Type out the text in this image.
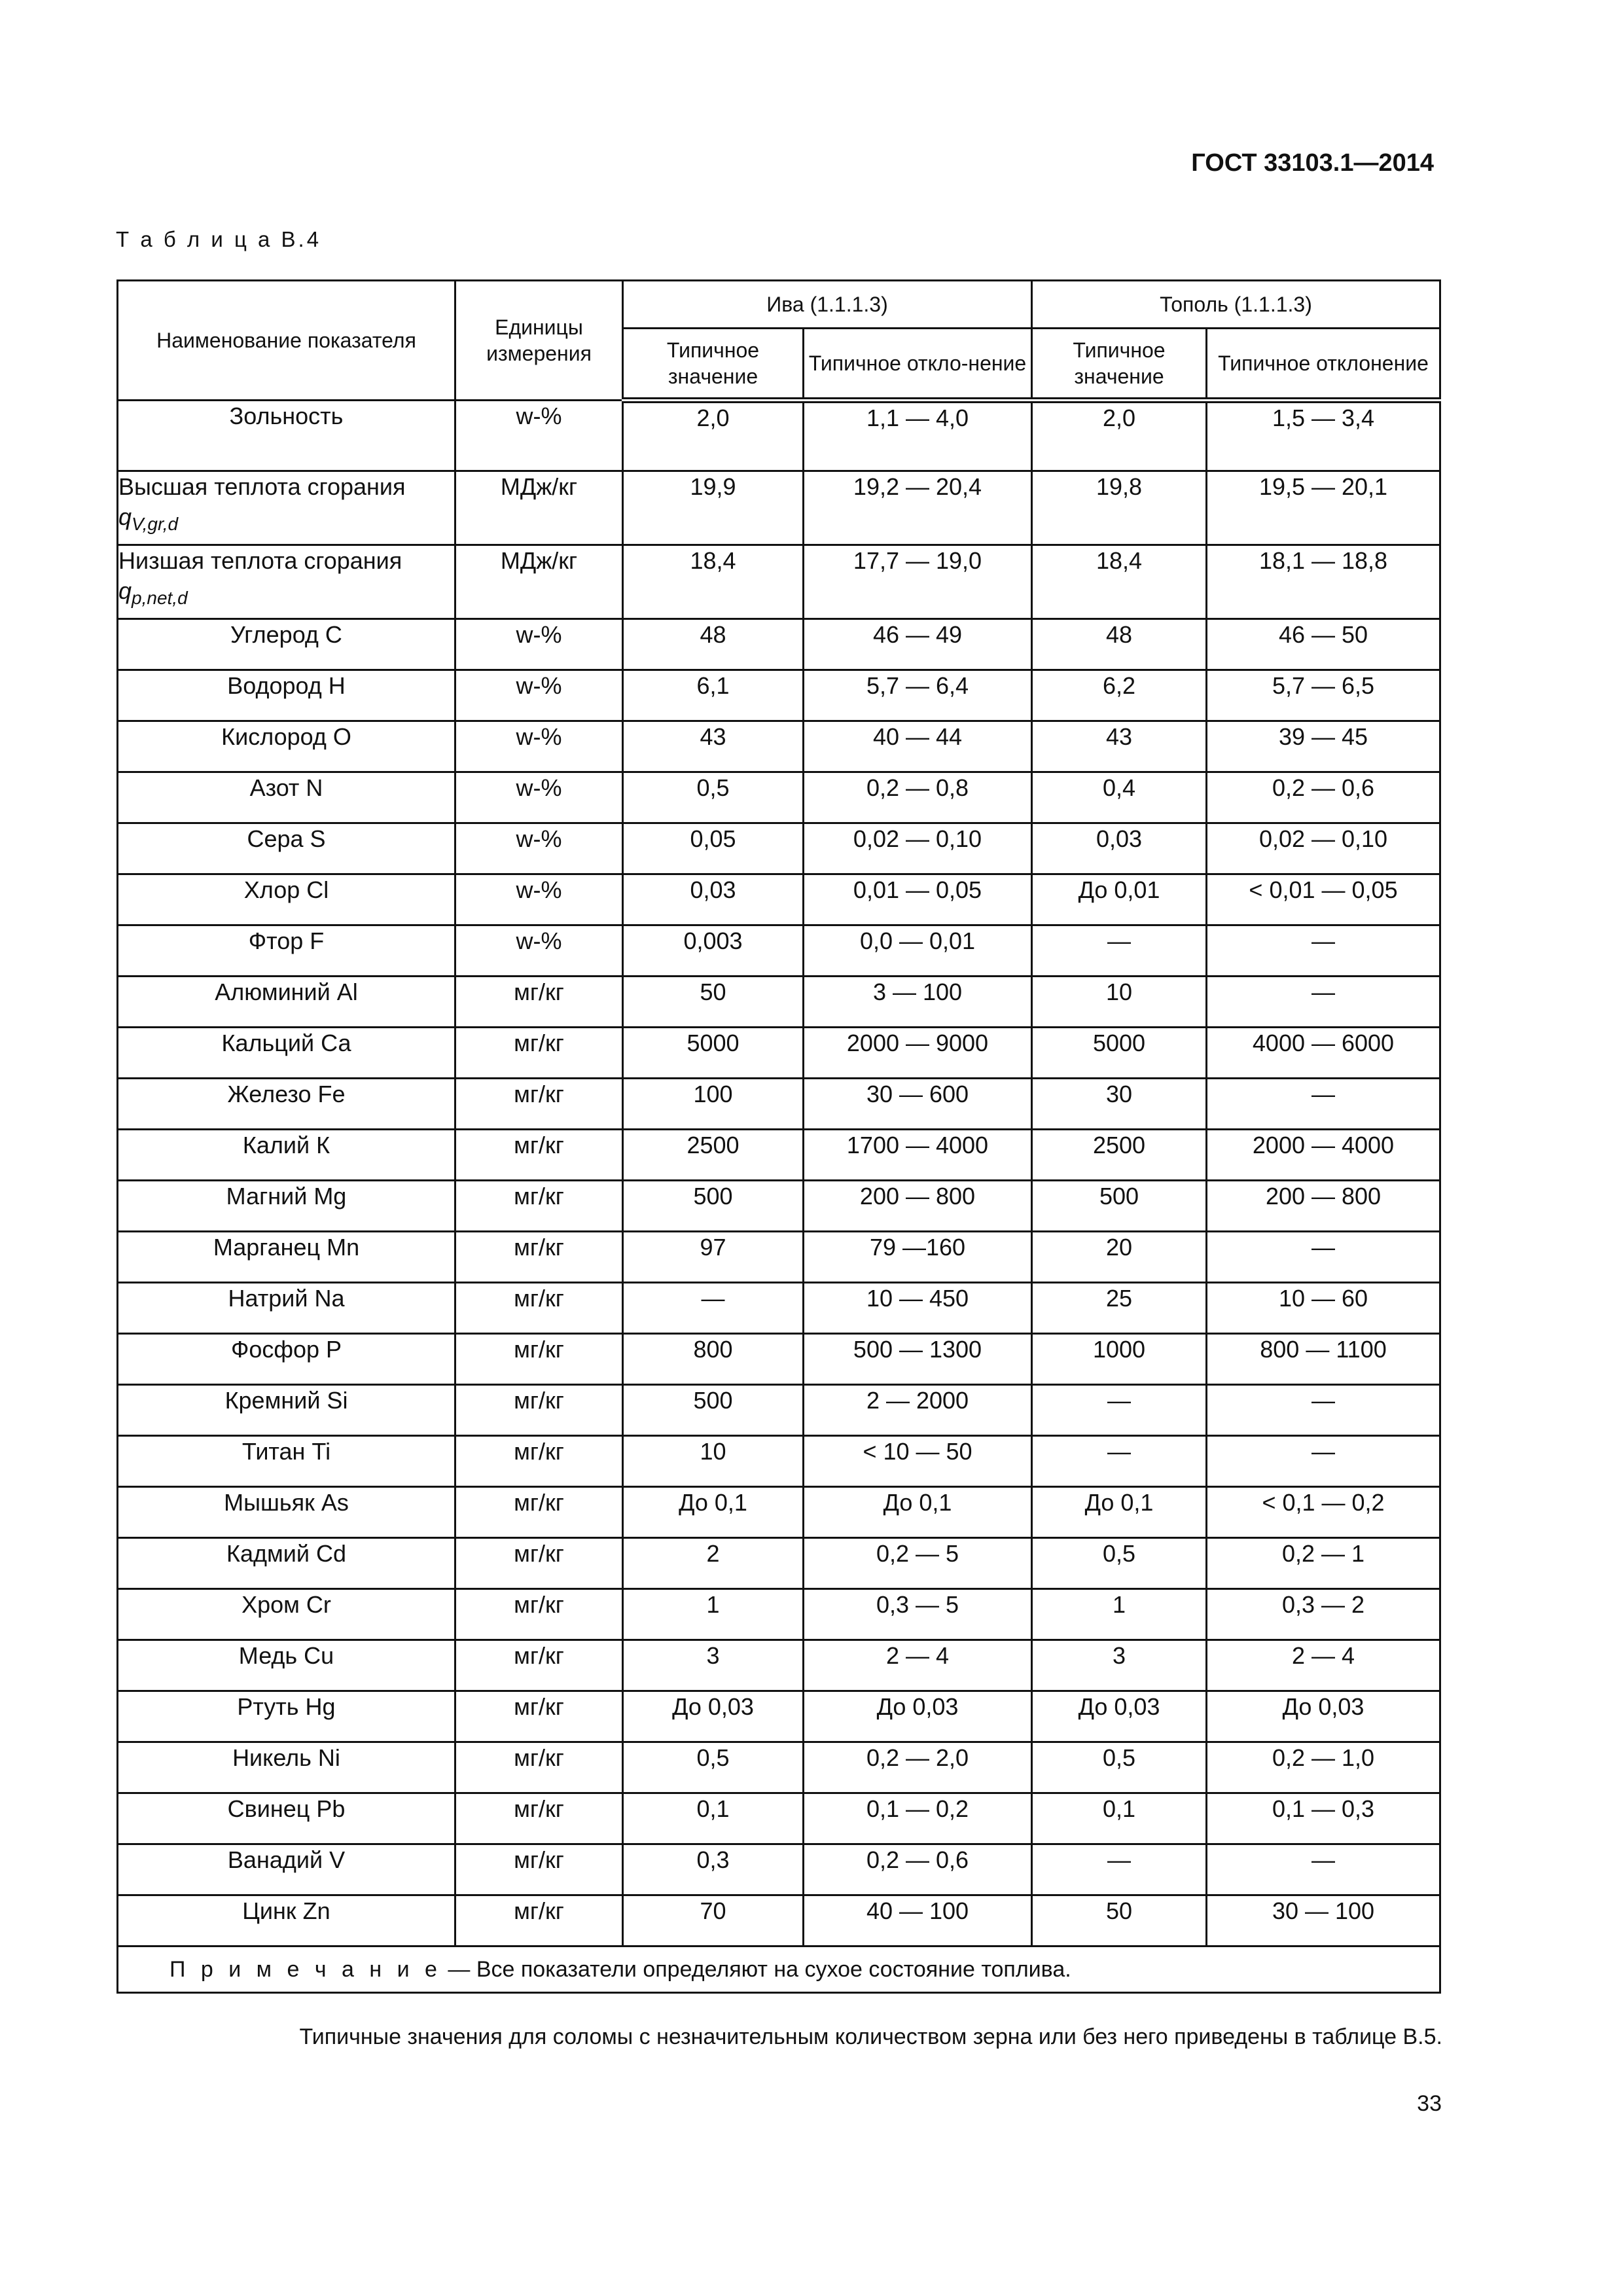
ГОСТ 33103.1—2014
Т а б л и ц а В.4
Наименование показателя	Единицы измерения	Ива (1.1.1.3)		Тополь (1.1.1.3)	
		Типичное значение	Типичное откло-нение	Типичное значение	Типичное отклонение
Зольность	w-%	2,0	1,1 — 4,0	2,0	1,5 — 3,4
Высшая теплота сгорания
$q_{V,gr,d}$	МДж/кг	19,9	19,2 — 20,4	19,8	19,5 — 20,1
Низшая теплота сгорания
$q_{p,net,d}$	МДж/кг	18,4	17,7 — 19,0	18,4	18,1 — 18,8
Углерод С	w-%	48	46 — 49	48	46 — 50
Водород Н	w-%	6,1	5,7 — 6,4	6,2	5,7 — 6,5
Кислород О	w-%	43	40 — 44	43	39 — 45
Азот N	w-%	0,5	0,2 — 0,8	0,4	0,2 — 0,6
Сера S	w-%	0,05	0,02 — 0,10	0,03	0,02 — 0,10
Хлор Cl	w-%	0,03	0,01 — 0,05	До 0,01	< 0,01 — 0,05
Фтор F	w-%	0,003	0,0 — 0,01	—	—
Алюминий Al	мг/кг	50	3 — 100	10	—
Кальций Са	мг/кг	5000	2000 — 9000	5000	4000 — 6000
Железо Fe	мг/кг	100	30 — 600	30	—
Калий К	мг/кг	2500	1700 — 4000	2500	2000 — 4000
Магний Mg	мг/кг	500	200 — 800	500	200 — 800
Марганец Mn	мг/кг	97	79 —160	20	—
Натрий Na	мг/кг	—	10 — 450	25	10 — 60
Фосфор Р	мг/кг	800	500 — 1300	1000	800 — 1100
Кремний Si	мг/кг	500	2 — 2000	—	—
Титан Ti	мг/кг	10	< 10 — 50	—	—
Мышьяк As	мг/кг	До 0,1	До 0,1	До 0,1	< 0,1 — 0,2
Кадмий Cd	мг/кг	2	0,2 — 5	0,5	0,2 — 1
Хром Сr	мг/кг	1	0,3 — 5	1	0,3 — 2
Медь Сu	мг/кг	3	2 — 4	3	2 — 4
Ртуть Hg	мг/кг	До 0,03	До 0,03	До 0,03	До 0,03
Никель Ni	мг/кг	0,5	0,2 — 2,0	0,5	0,2 — 1,0
Свинец Pb	мг/кг	0,1	0,1 — 0,2	0,1	0,1 — 0,3
Ванадий V	мг/кг	0,3	0,2 — 0,6	—	—
Цинк Zn	мг/кг	70	40 — 100	50	30 — 100
П р и м е ч а н и е — Все показатели определяют на сухое состояние топлива.					
Типичные значения для соломы с незначительным количеством зерна или без него приведены в таблице В.5.
33
